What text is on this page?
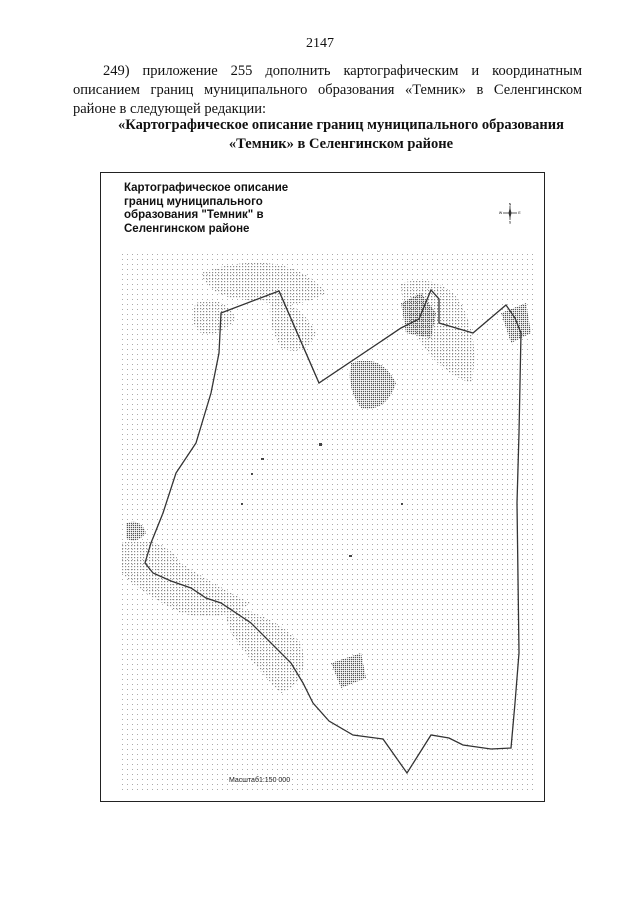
2147
249) приложение 255 дополнить картографическим и координатным
описанием границ муниципального образования «Темник» в Селенгинском
районе в следующей редакции:
«Картографическое описание границ муниципального образования
«Темник» в Селенгинском районе
Картографическое описание
границ муниципального
образования "Темник" в
Селенгинском районе
N
S
W	E
Масштаб1:150 000
